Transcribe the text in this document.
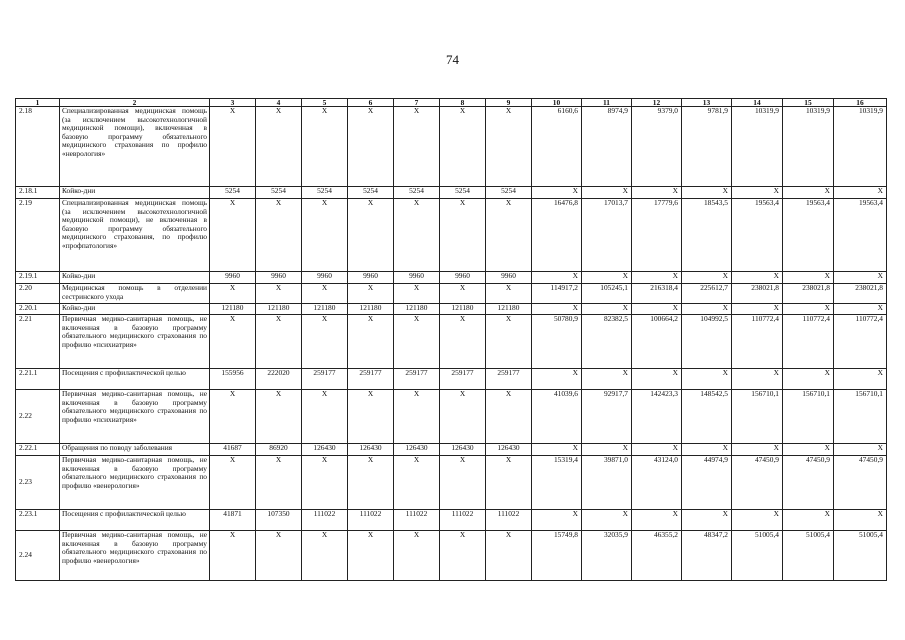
74
1	2	3	4	5	6	7	8	9	10	11	12	13	14	15	16
2.18	Специализированная медицинская помощь (за исключением высокотехнологичной медицинской помощи), включенная в базовую программу обязательного медицинского страхования по профилю «неврология»	X	X	X	X	X	X	X	6160,6	8974,9	9379,0	9781,9	10319,9	10319,9	10319,9
2.18.1	Койко-дни	5254	5254	5254	5254	5254	5254	5254	X	X	X	X	X	X	X
2.19	Специализированная медицинская помощь (за исключением высокотехнологичной медицинской помощи), не включенная в базовую программу обязательного медицинского страхования, по профилю «профпатология»	X	X	X	X	X	X	X	16476,8	17013,7	17779,6	18543,5	19563,4	19563,4	19563,4
2.19.1	Койко-дни	9960	9960	9960	9960	9960	9960	9960	X	X	X	X	X	X	X
2.20	Медицинская помощь в отделении сестринского ухода	X	X	X	X	X	X	X	114917,2	105245,1	216318,4	225612,7	238021,8	238021,8	238021,8
2.20.1	Койко-дни	121180	121180	121180	121180	121180	121180	121180	X	X	X	X	X	X	X
2.21	Первичная медико-санитарная помощь, не включенная в базовую программу обязательного медицинского страхования по профилю «психиатрия»	X	X	X	X	X	X	X	50780,9	82382,5	100664,2	104992,5	110772,4	110772,4	110772,4
2.21.1	Посещения с профилактической целью	155956	222020	259177	259177	259177	259177	259177	X	X	X	X	X	X	X
2.22	Первичная медико-санитарная помощь, не включенная в базовую программу обязательного медицинского страхования по профилю «психиатрия»	X	X	X	X	X	X	X	41039,6	92917,7	142423,3	148542,5	156710,1	156710,1	156710,1
2.22.1	Обращения по поводу заболевания	41687	86920	126430	126430	126430	126430	126430	X	X	X	X	X	X	X
2.23	Первичная медико-санитарная помощь, не включенная в базовую программу обязательного медицинского страхования по профилю «венерология»	X	X	X	X	X	X	X	15319,4	39871,0	43124,0	44974,9	47450,9	47450,9	47450,9
2.23.1	Посещения с профилактической целью	41871	107350	111022	111022	111022	111022	111022	X	X	X	X	X	X	X
2.24	Первичная медико-санитарная помощь, не включенная в базовую программу обязательного медицинского страхования по профилю «венерология»	X	X	X	X	X	X	X	15749,8	32035,9	46355,2	48347,2	51005,4	51005,4	51005,4
